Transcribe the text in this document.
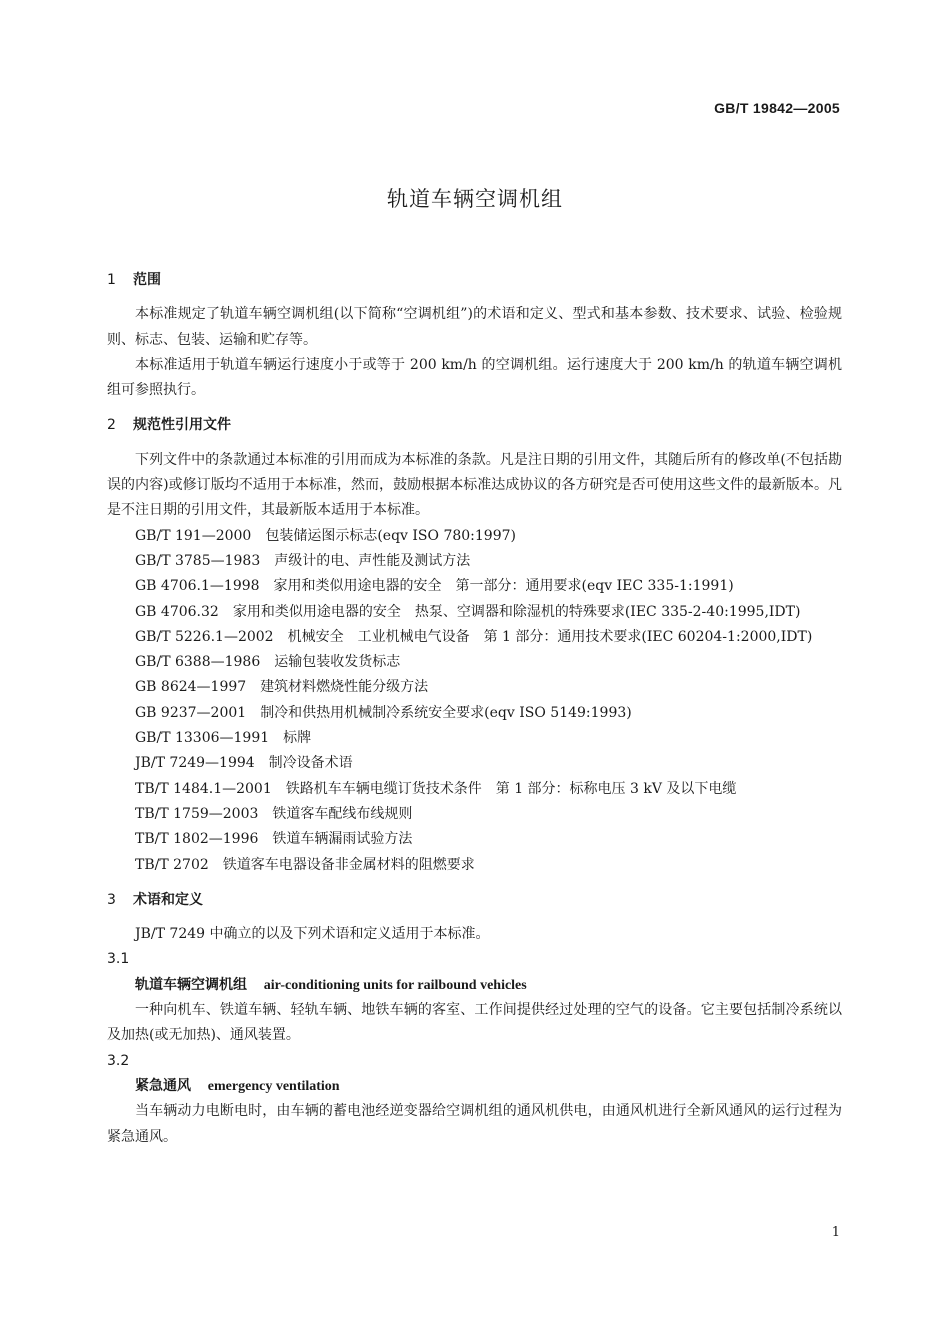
GB/T 19842—2005
轨道车辆空调机组
1 范围

本标准规定了轨道车辆空调机组(以下简称“空调机组”)的术语和定义、型式和基本参数、技术要求、试验、检验规则、标志、包装、运输和贮存等。

本标准适用于轨道车辆运行速度小于或等于 200 km/h 的空调机组。运行速度大于 200 km/h 的轨道车辆空调机组可参照执行。

2 规范性引用文件

下列文件中的条款通过本标准的引用而成为本标准的条款。凡是注日期的引用文件，其随后所有的修改单(不包括勘误的内容)或修订版均不适用于本标准，然而，鼓励根据本标准达成协议的各方研究是否可使用这些文件的最新版本。凡是不注日期的引用文件，其最新版本适用于本标准。

GB/T 191—2000 包装储运图示标志(eqv ISO 780:1997)
GB/T 3785—1983 声级计的电、声性能及测试方法
GB 4706.1—1998 家用和类似用途电器的安全　第一部分：通用要求(eqv IEC 335-1:1991)
GB 4706.32 家用和类似用途电器的安全　热泵、空调器和除湿机的特殊要求(IEC 335-2-40:1995,IDT)
GB/T 5226.1—2002 机械安全　工业机械电气设备　第 1 部分：通用技术要求(IEC 60204-1:2000,IDT)
GB/T 6388—1986 运输包装收发货标志
GB 8624—1997 建筑材料燃烧性能分级方法
GB 9237—2001 制冷和供热用机械制冷系统安全要求(eqv ISO 5149:1993)
GB/T 13306—1991 标牌
JB/T 7249—1994 制冷设备术语
TB/T 1484.1—2001 铁路机车车辆电缆订货技术条件　第 1 部分：标称电压 3 kV 及以下电缆
TB/T 1759—2003 铁道客车配线布线规则
TB/T 1802—1996 铁道车辆漏雨试验方法
TB/T 2702 铁道客车电器设备非金属材料的阻燃要求
3 术语和定义

JB/T 7249 中确立的以及下列术语和定义适用于本标准。

3.1
轨道车辆空调机组 air-conditioning units for railbound vehicles

一种向机车、铁道车辆、轻轨车辆、地铁车辆的客室、工作间提供经过处理的空气的设备。它主要包括制冷系统以及加热(或无加热)、通风装置。

3.2
紧急通风 emergency ventilation

当车辆动力电断电时，由车辆的蓄电池经逆变器给空调机组的通风机供电，由通风机进行全新风通风的运行过程为紧急通风。

1
